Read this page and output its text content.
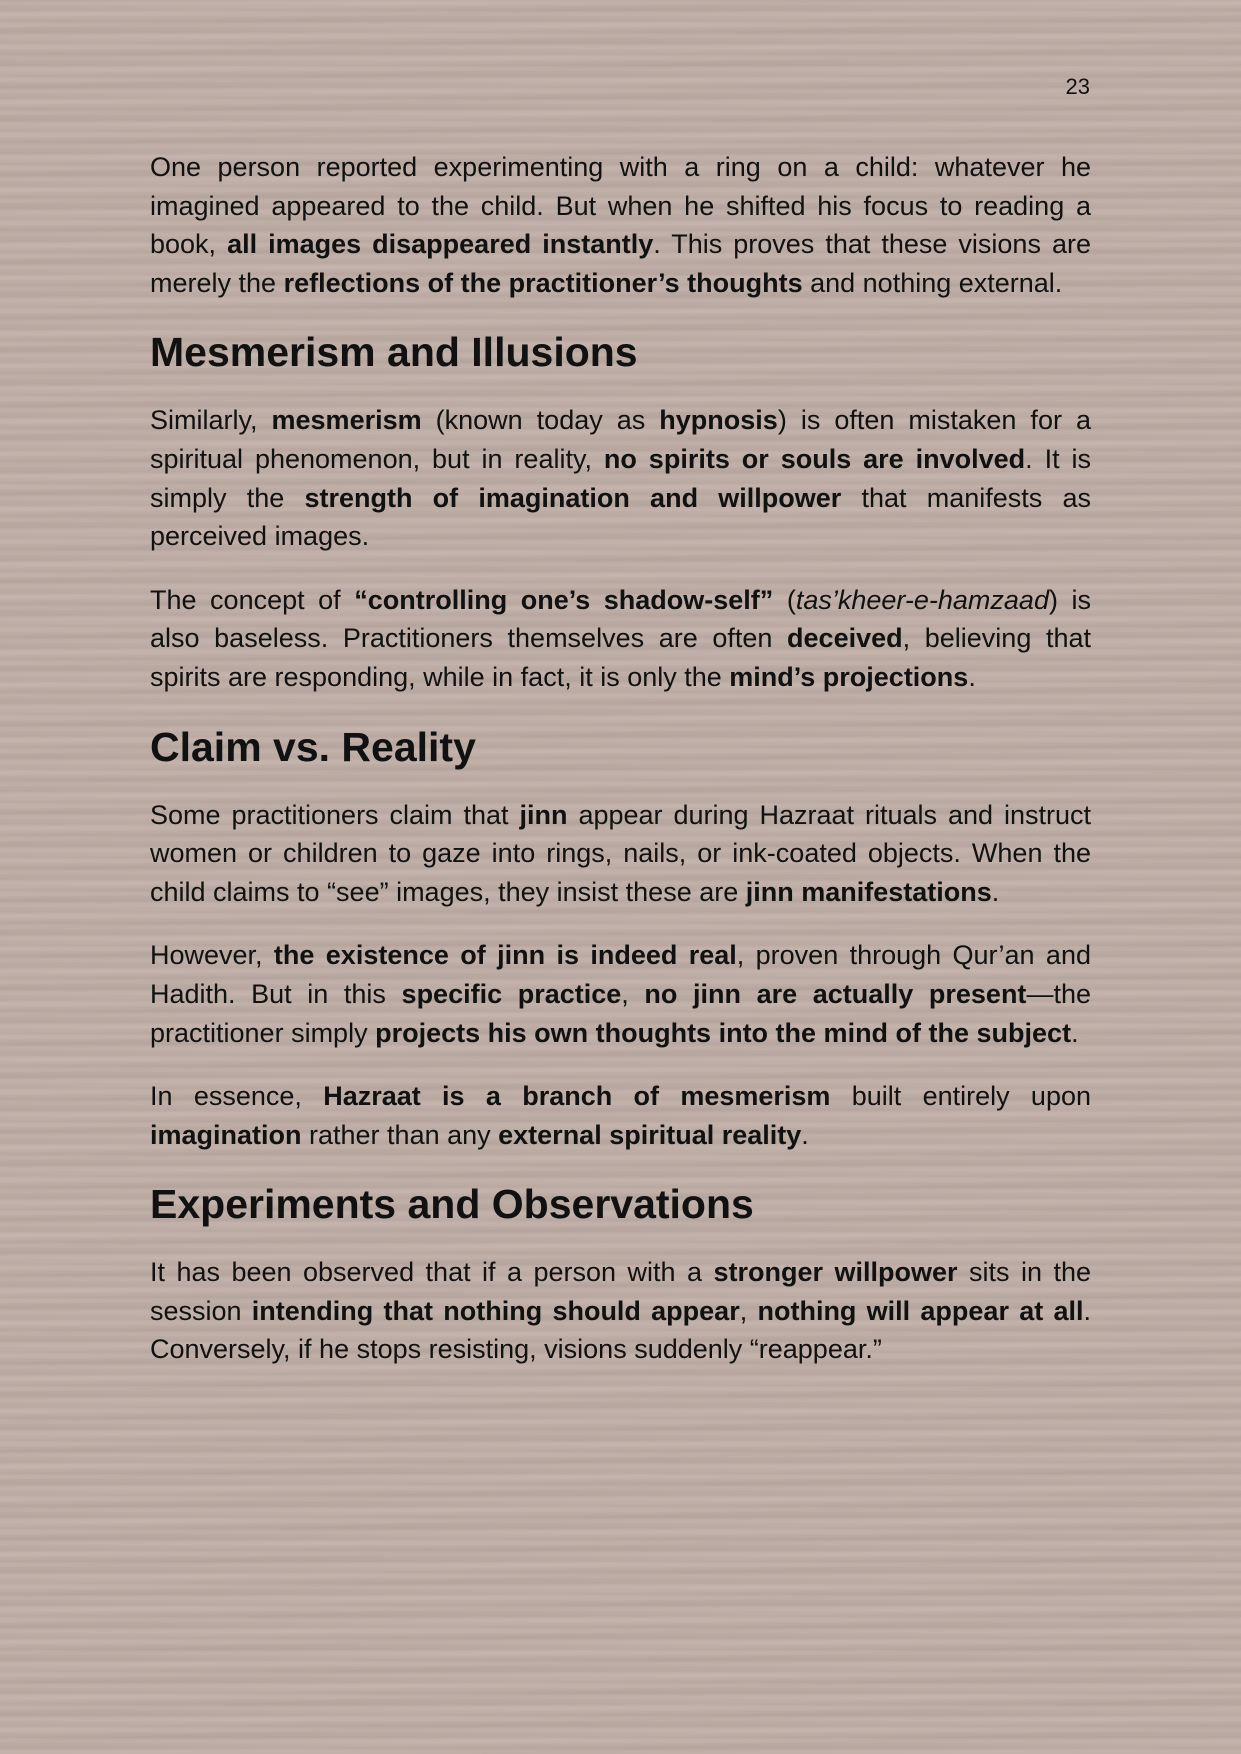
23

One person reported experimenting with a ring on a child: whatever he imagined appeared to the child. But when he shifted his focus to reading a book, all images disappeared instantly. This proves that these visions are merely the reflections of the practitioner’s thoughts and nothing external.

Mesmerism and Illusions

Similarly, mesmerism (known today as hypnosis) is often mistaken for a spiritual phenomenon, but in reality, no spirits or souls are involved. It is simply the strength of imagination and willpower that manifests as perceived images.

The concept of “controlling one’s shadow-self” (tas’kheer-e-hamzaad) is also baseless. Practitioners themselves are often deceived, believing that spirits are responding, while in fact, it is only the mind’s projections.

Claim vs. Reality

Some practitioners claim that jinn appear during Hazraat rituals and instruct women or children to gaze into rings, nails, or ink-coated objects. When the child claims to “see” images, they insist these are jinn manifestations.

However, the existence of jinn is indeed real, proven through Qur’an and Hadith. But in this specific practice, no jinn are actually present—the practitioner simply projects his own thoughts into the mind of the subject.

In essence, Hazraat is a branch of mesmerism built entirely upon imagination rather than any external spiritual reality.

Experiments and Observations

It has been observed that if a person with a stronger willpower sits in the session intending that nothing should appear, nothing will appear at all. Conversely, if he stops resisting, visions suddenly “reappear.”
